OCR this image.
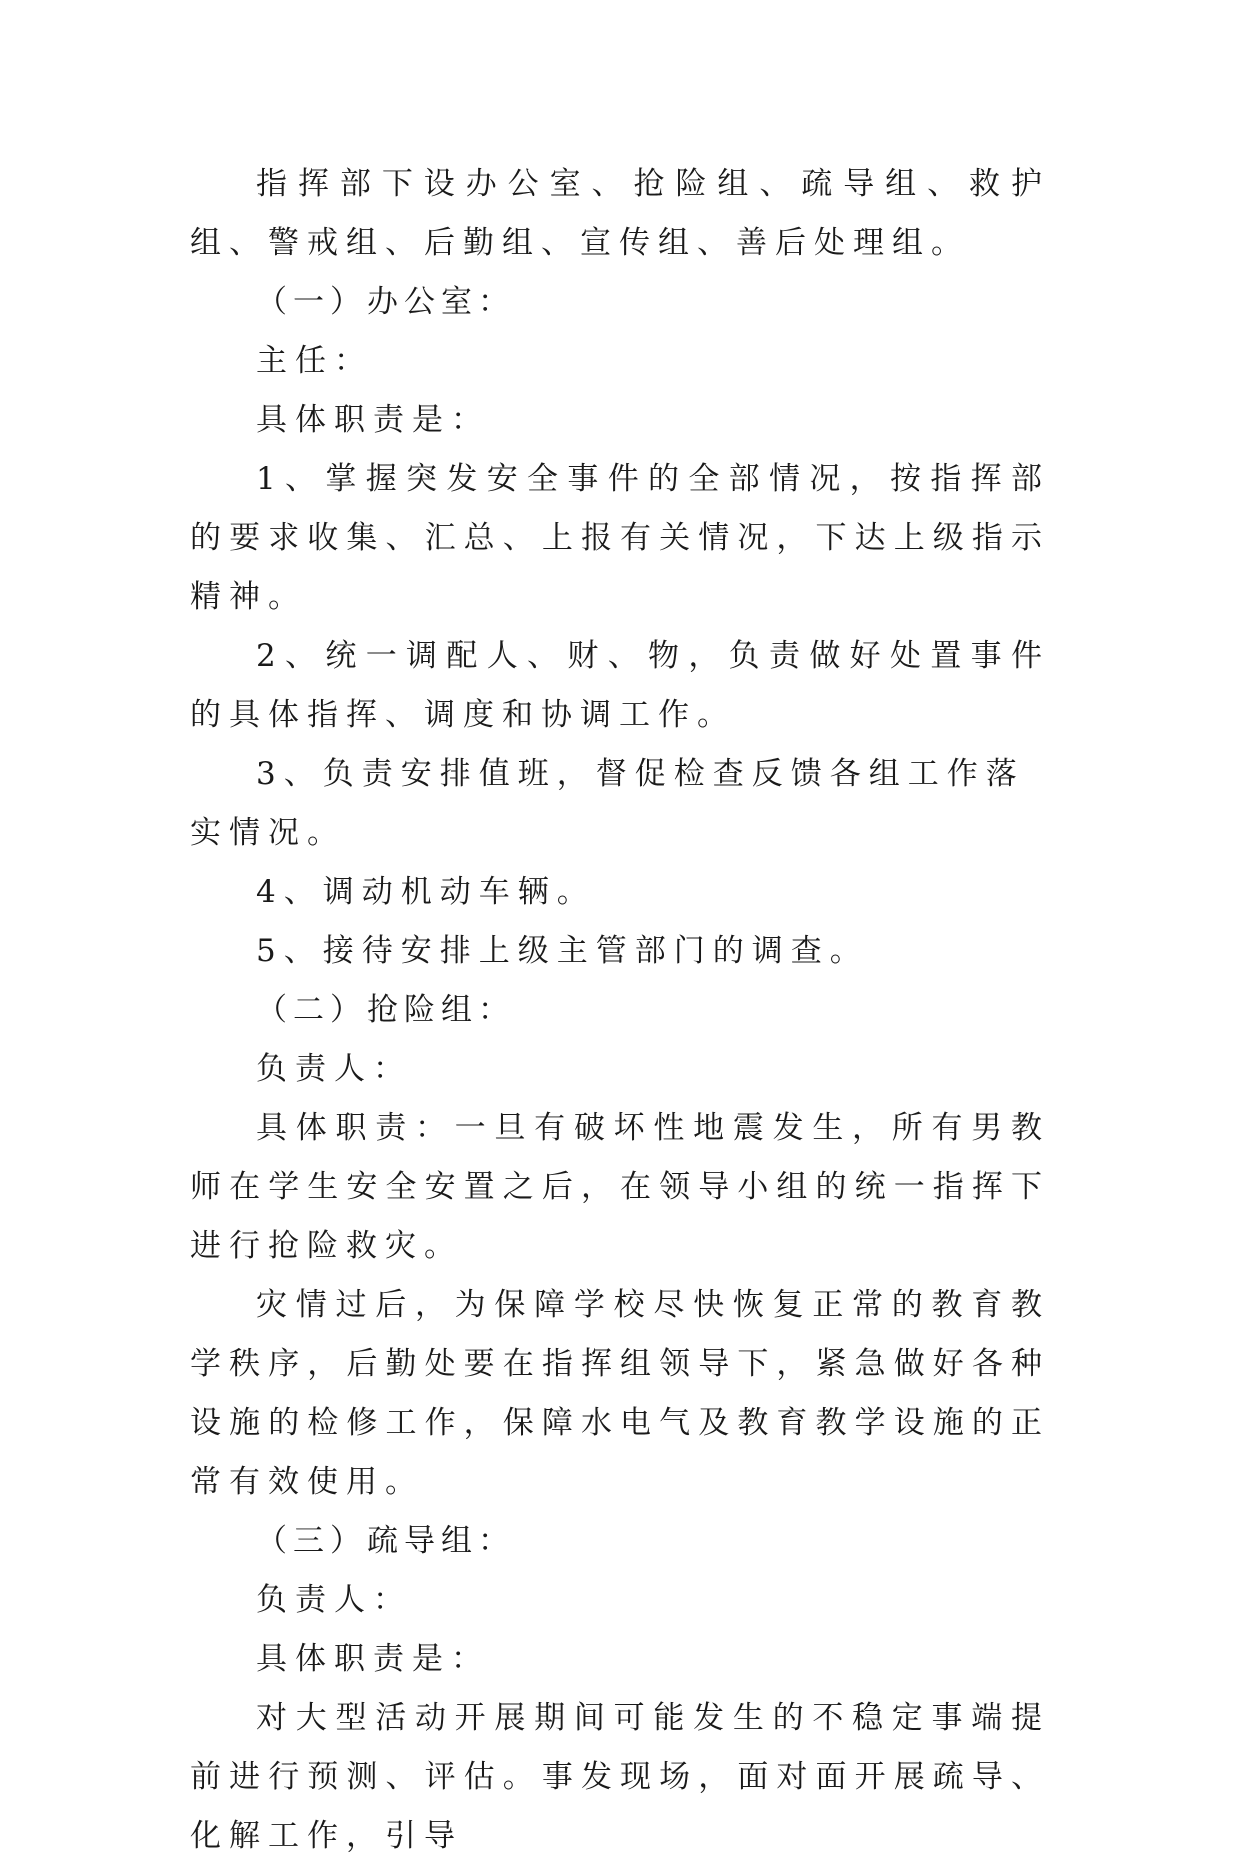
指挥部下设办公室、抢险组、疏导组、救护组、警戒组、后勤组、宣传组、善后处理组。

（一）办公室：

主任：

具体职责是：

1、掌握突发安全事件的全部情况，按指挥部的要求收集、汇总、上报有关情况，下达上级指示精神。

2、统一调配人、财、物，负责做好处置事件的具体指挥、调度和协调工作。

3、负责安排值班，督促检查反馈各组工作落实情况。

4、调动机动车辆。

5、接待安排上级主管部门的调查。

（二）抢险组：

负责人：

具体职责：一旦有破坏性地震发生，所有男教师在学生安全安置之后，在领导小组的统一指挥下进行抢险救灾。

灾情过后，为保障学校尽快恢复正常的教育教学秩序，后勤处要在指挥组领导下，紧急做好各种设施的检修工作，保障水电气及教育教学设施的正常有效使用。

（三）疏导组：

负责人：

具体职责是：

对大型活动开展期间可能发生的不稳定事端提前进行预测、评估。事发现场，面对面开展疏导、化解工作，引导
